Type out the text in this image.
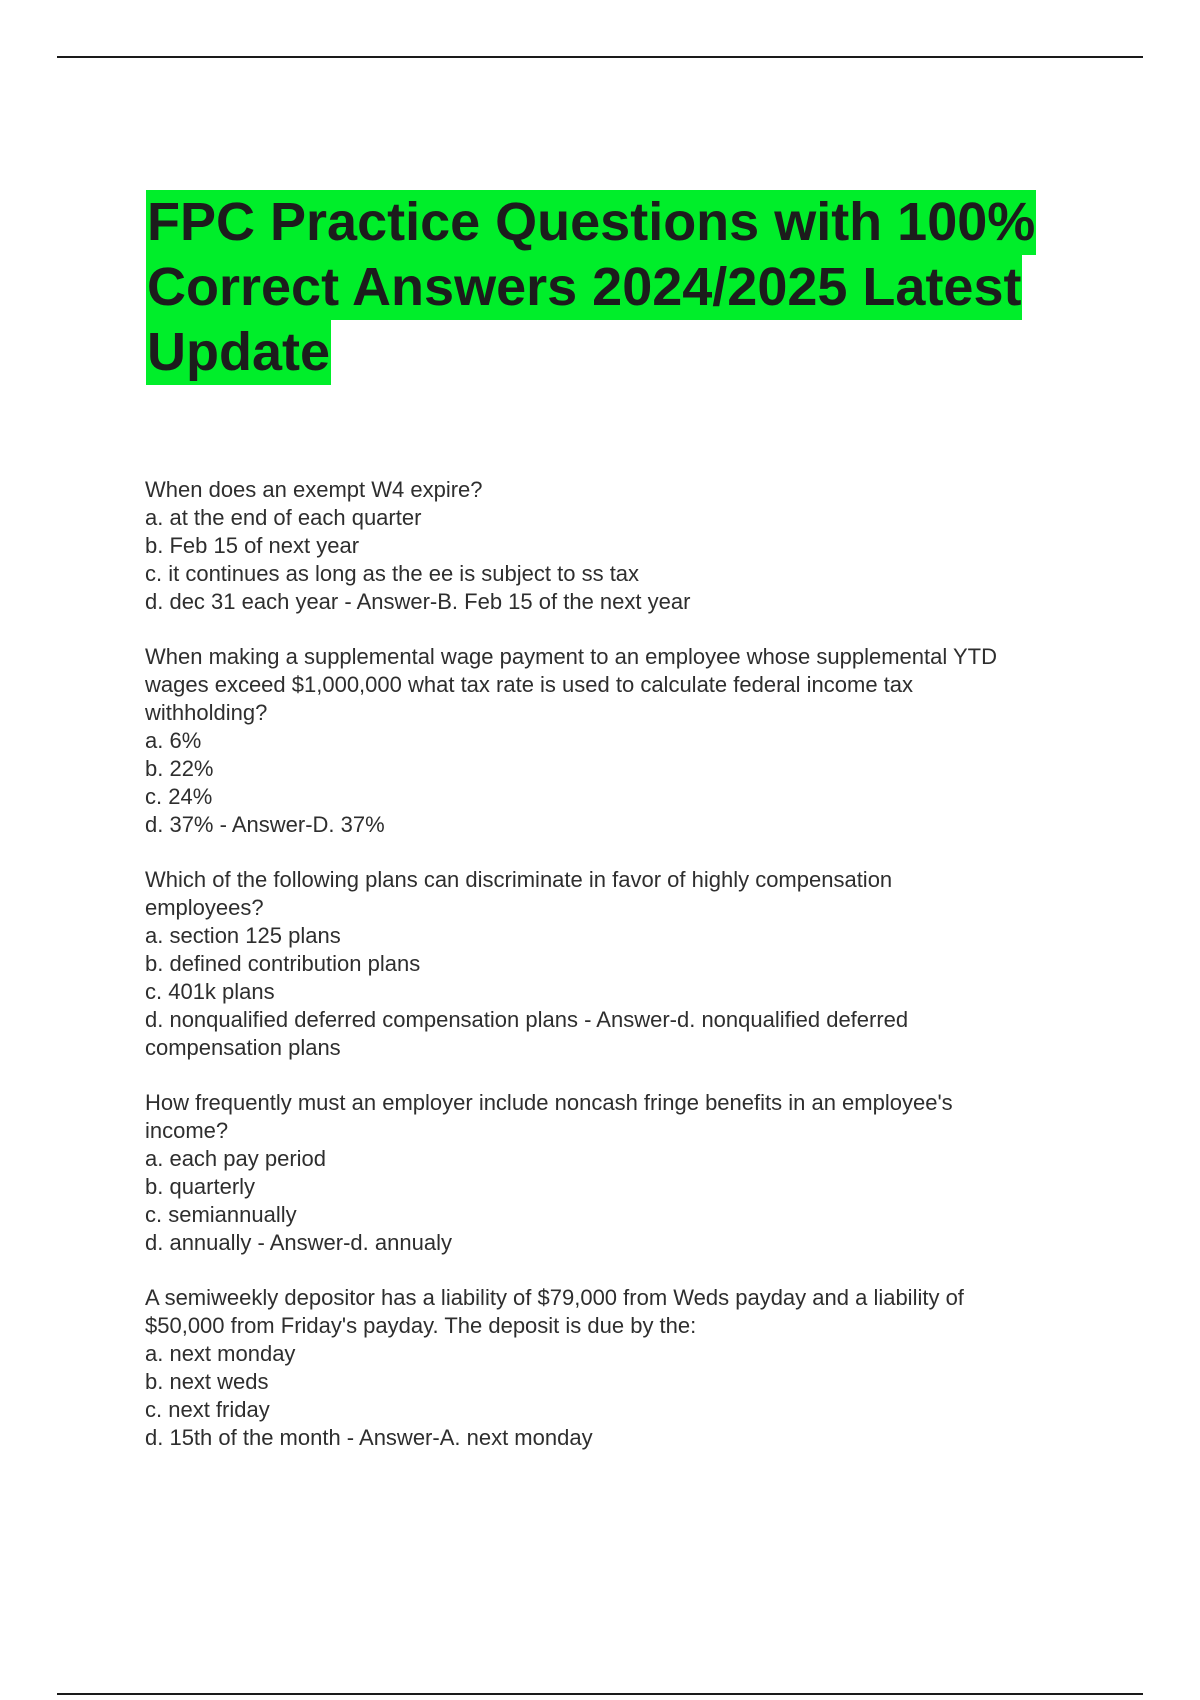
FPC Practice Questions with 100%
Correct Answers 2024/2025 Latest
Update
When does an exempt W4 expire?
a. at the end of each quarter
b. Feb 15 of next year
c. it continues as long as the ee is subject to ss tax
d. dec 31 each year - Answer-B. Feb 15 of the next year
When making a supplemental wage payment to an employee whose supplemental YTD
wages exceed $1,000,000 what tax rate is used to calculate federal income tax
withholding?
a. 6%
b. 22%
c. 24%
d. 37% - Answer-D. 37%
Which of the following plans can discriminate in favor of highly compensation
employees?
a. section 125 plans
b. defined contribution plans
c. 401k plans
d. nonqualified deferred compensation plans - Answer-d. nonqualified deferred
compensation plans
How frequently must an employer include noncash fringe benefits in an employee's
income?
a. each pay period
b. quarterly
c. semiannually
d. annually - Answer-d. annualy
A semiweekly depositor has a liability of $79,000 from Weds payday and a liability of
$50,000 from Friday's payday. The deposit is due by the:
a. next monday
b. next weds
c. next friday
d. 15th of the month - Answer-A. next monday
